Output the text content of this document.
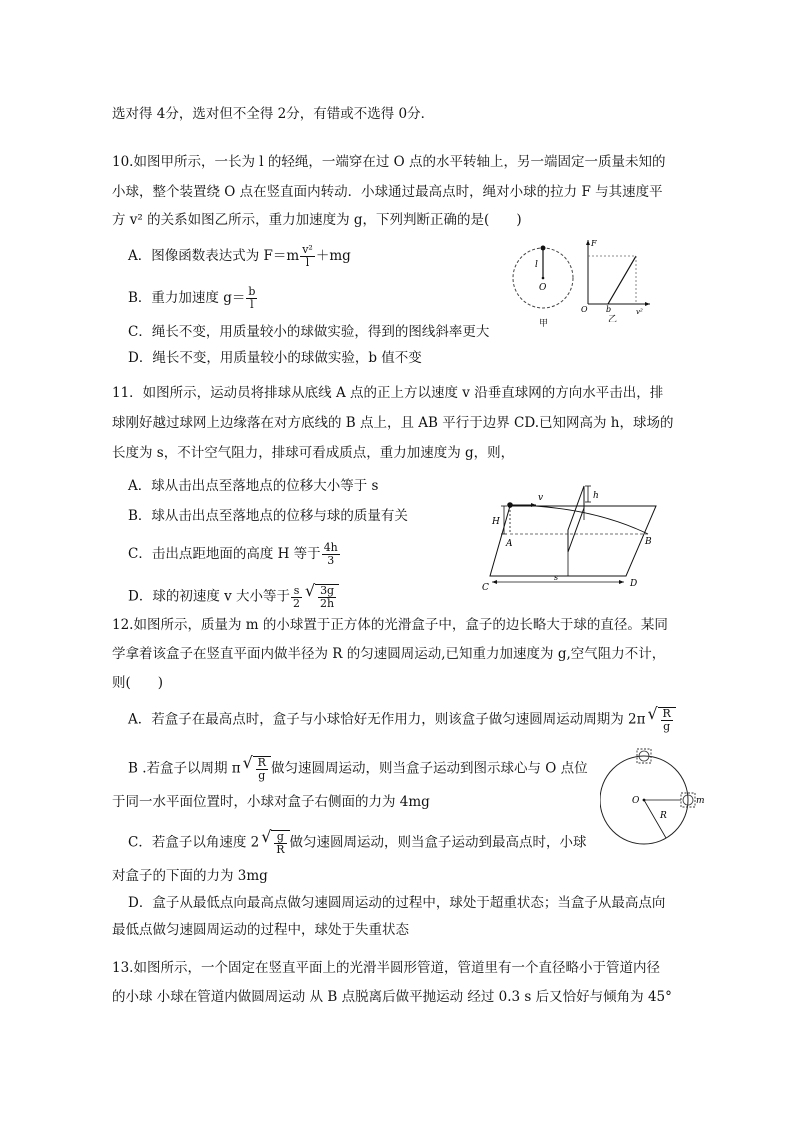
选对得 4分，选对但不全得 2分，有错或不选得 0分．
10.如图甲所示，一长为 l 的轻绳，一端穿在过 O 点的水平转轴上，另一端固定一质量未知的
小球，整个装置绕 O 点在竖直面内转动．小球通过最高点时，绳对小球的拉力 F 与其速度平
方 v² 的关系如图乙所示，重力加速度为 g，下列判断正确的是(　　)
A．图像函数表达式为 $F=m \frac{\text{v²}}{l} +mg$
B．重力加速度 $g= \frac{b}{l}$
C．绳长不变，用质量较小的球做实验，得到的图线斜率更大
D．绳长不变，用质量较小的球做实验，b 值不变
l
O
甲
F
O b	v²
乙
11．如图所示，运动员将排球从底线 A 点的正上方以速度 v 沿垂直球网的方向水平击出，排
球刚好越过球网上边缘落在对方底线的 B 点上，且 AB 平行于边界 CD.已知网高为 h，球场的
长度为 s，不计空气阻力，排球可看成质点，重力加速度为 g，则，
A．球从击出点至落地点的位移大小等于 s
B．球从击出点至落地点的位移与球的质量有关
C．击出点距地面的高度 H 等于 $\frac{4h}{3}$
D．球的初速度 v 大小等于 $\frac{s}{2}$ √ $\frac{3g}{2h}$
v	h
H
A	B
C	D
s
12.如图所示，质量为 m 的小球置于正方体的光滑盒子中，盒子的边长略大于球的直径。某同
学拿着该盒子在竖直平面内做半径为 R 的匀速圆周运动,已知重力加速度为 g,空气阻力不计，
则(　　)
A．若盒子在最高点时，盒子与小球恰好无作用力，则该盒子做匀速圆周运动周期为 2π √ $\frac{R}{g}$
B .若盒子以周期 π √ $\frac{R}{g}$ 做匀速圆周运动，则当盒子运动到图示球心与 O 点位
于同一水平面位置时，小球对盒子右侧面的力为 4mg
C．若盒子以角速度 2 √ $\frac{g}{R}$ 做匀速圆周运动，则当盒子运动到最高点时，小球
对盒子的下面的力为 3mg
D．盒子从最低点向最高点做匀速圆周运动的过程中，球处于超重状态；当盒子从最高点向
最低点做匀速圆周运动的过程中，球处于失重状态
O
R
m
13.如图所示，一个固定在竖直平面上的光滑半圆形管道，管道里有一个直径略小于管道内径
的小球 小球在管道内做圆周运动 从 B 点脱离后做平抛运动 经过 0.3 s 后又恰好与倾角为 45°
